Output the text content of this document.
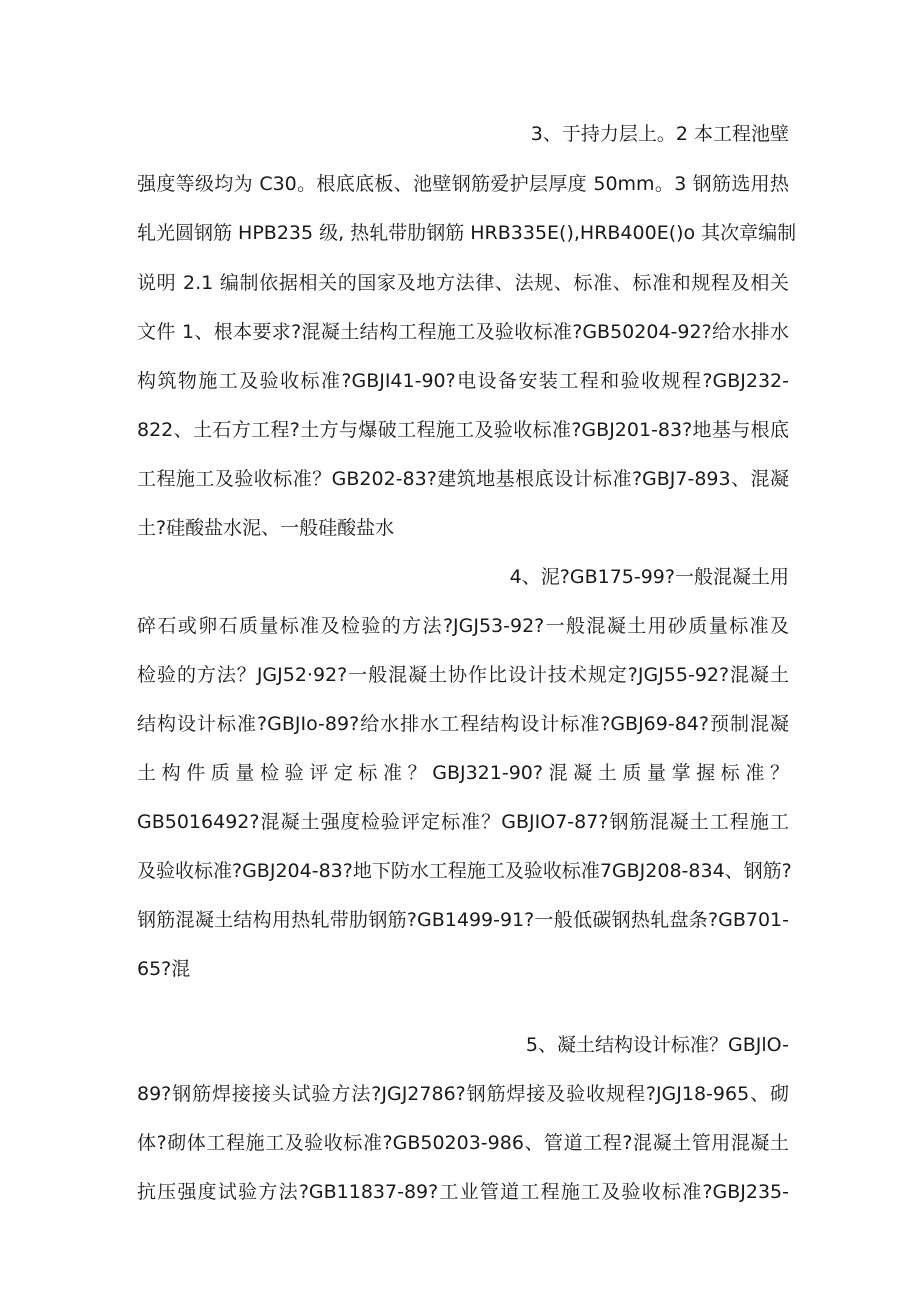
3、于持力层上。2 本工程池壁
强度等级均为 C30。根底底板、池壁钢筋爱护层厚度 50mm。3 钢筋选用热
轧光圆钢筋 HPB235 级, 热轧带肋钢筋 HRB335E(),HRB400E()o 其次章编制
说明 2.1 编制依据相关的国家及地方法律、法规、标准、标准和规程及相关
文件 1、根本要求?混凝土结构工程施工及验收标准?GB50204-92?给水排水
构筑物施工及验收标准?GBJI41-90?电设备安装工程和验收规程?GBJ232-
822、土石方工程?土方与爆破工程施工及验收标准?GBJ201-83?地基与根底
工程施工及验收标准？GB202-83?建筑地基根底设计标准?GBJ7-893、混凝
土?硅酸盐水泥、一般硅酸盐水
4、泥?GB175-99?一般混凝土用
碎石或卵石质量标准及检验的方法?JGJ53-92?一般混凝土用砂质量标准及
检验的方法？JGJ52·92?一般混凝土协作比设计技术规定?JGJ55-92?混凝土
结构设计标准?GBJIo-89?给水排水工程结构设计标准?GBJ69-84?预制混凝
土构件质量检验评定标准？GBJ321-90?混凝土质量掌握标准？
GB5016492?混凝土强度检验评定标准？GBJIO7-87?钢筋混凝土工程施工
及验收标准?GBJ204-83?地下防水工程施工及验收标准7GBJ208-834、钢筋?
钢筋混凝土结构用热轧带肋钢筋?GB1499-91?一般低碳钢热轧盘条?GB701-
65?混
5、凝土结构设计标准？GBJlO-
89?钢筋焊接接头试验方法?JGJ2786?钢筋焊接及验收规程?JGJ18-965、砌
体?砌体工程施工及验收标准?GB50203-986、管道工程?混凝土管用混凝土
抗压强度试验方法?GB11837-89?工业管道工程施工及验收标准?GBJ235-
